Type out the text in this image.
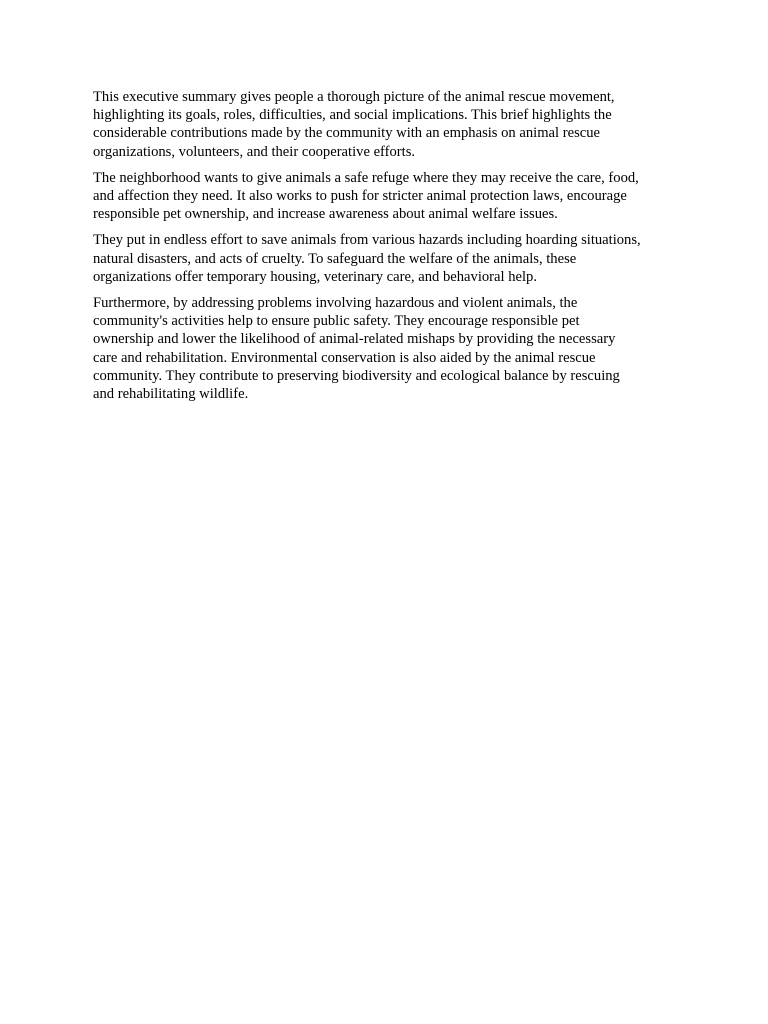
This executive summary gives people a thorough picture of the animal rescue movement,
highlighting its goals, roles, difficulties, and social implications. This brief highlights the
considerable contributions made by the community with an emphasis on animal rescue
organizations, volunteers, and their cooperative efforts.

The neighborhood wants to give animals a safe refuge where they may receive the care, food,
and affection they need. It also works to push for stricter animal protection laws, encourage
responsible pet ownership, and increase awareness about animal welfare issues.

They put in endless effort to save animals from various hazards including hoarding situations,
natural disasters, and acts of cruelty. To safeguard the welfare of the animals, these
organizations offer temporary housing, veterinary care, and behavioral help.

Furthermore, by addressing problems involving hazardous and violent animals, the
community's activities help to ensure public safety. They encourage responsible pet
ownership and lower the likelihood of animal-related mishaps by providing the necessary
care and rehabilitation. Environmental conservation is also aided by the animal rescue
community. They contribute to preserving biodiversity and ecological balance by rescuing
and rehabilitating wildlife.
